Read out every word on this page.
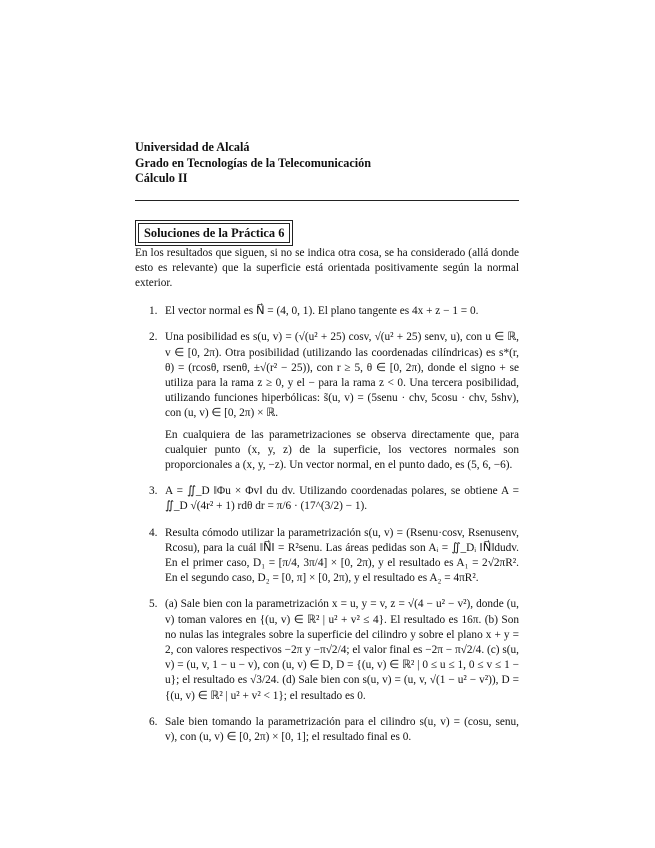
Universidad de Alcalá

Grado en Tecnologías de la Telecomunicación

Cálculo II

Soluciones de la Práctica 6

En los resultados que siguen, si no se indica otra cosa, se ha considerado (allá donde esto es relevante) que la superficie está orientada positivamente según la normal exterior.

1. El vector normal es N⃗ = (4, 0, 1). El plano tangente es 4x + z − 1 = 0.

2. Una posibilidad es s(u, v) = (√(u² + 25) cosv, √(u² + 25) senv, u), con u ∈ ℝ, v ∈ [0, 2π). Otra posibilidad (utilizando las coordenadas cilíndricas) es s*(r, θ) = (rcosθ, rsenθ, ±√(r² − 25)), con r ≥ 5, θ ∈ [0, 2π), donde el signo + se utiliza para la rama z ≥ 0, y el − para la rama z < 0. Una tercera posibilidad, utilizando funciones hiperbólicas: s̃(u, v) = (5senu · chv, 5cosu · chv, 5shv), con (u, v) ∈ [0, 2π) × ℝ.

En cualquiera de las parametrizaciones se observa directamente que, para cualquier punto (x, y, z) de la superficie, los vectores normales son proporcionales a (x, y, −z). Un vector normal, en el punto dado, es (5, 6, −6).

3. A = ∬_D ‖Φu × Φv‖ du dv. Utilizando coordenadas polares, se obtiene A = ∬_D √(4r² + 1) rdθ dr = π/6 · (17^(3/2) − 1).

4. Resulta cómodo utilizar la parametrización s(u, v) = (Rsenu·cosv, Rsenusenv, Rcosu), para la cuál ‖N⃗‖ = R²senu. Las áreas pedidas son Aᵢ = ∬_Dᵢ ‖N⃗‖dudv. En el primer caso, D₁ = [π/4, 3π/4] × [0, 2π), y el resultado es A₁ = 2√2πR². En el segundo caso, D₂ = [0, π] × [0, 2π), y el resultado es A₂ = 4πR².

5. (a) Sale bien con la parametrización x = u, y = v, z = √(4 − u² − v²), donde (u, v) toman valores en {(u, v) ∈ ℝ² | u² + v² ≤ 4}. El resultado es 16π. (b) Son no nulas las integrales sobre la superficie del cilindro y sobre el plano x + y = 2, con valores respectivos −2π y −π√2/4; el valor final es −2π − π√2/4. (c) s(u, v) = (u, v, 1 − u − v), con (u, v) ∈ D, D = {(u, v) ∈ ℝ² | 0 ≤ u ≤ 1, 0 ≤ v ≤ 1 − u}; el resultado es √3/24. (d) Sale bien con s(u, v) = (u, v, √(1 − u² − v²)), D = {(u, v) ∈ ℝ² | u² + v² < 1}; el resultado es 0.

6. Sale bien tomando la parametrización para el cilindro s(u, v) = (cosu, senu, v), con (u, v) ∈ [0, 2π) × [0, 1]; el resultado final es 0.
